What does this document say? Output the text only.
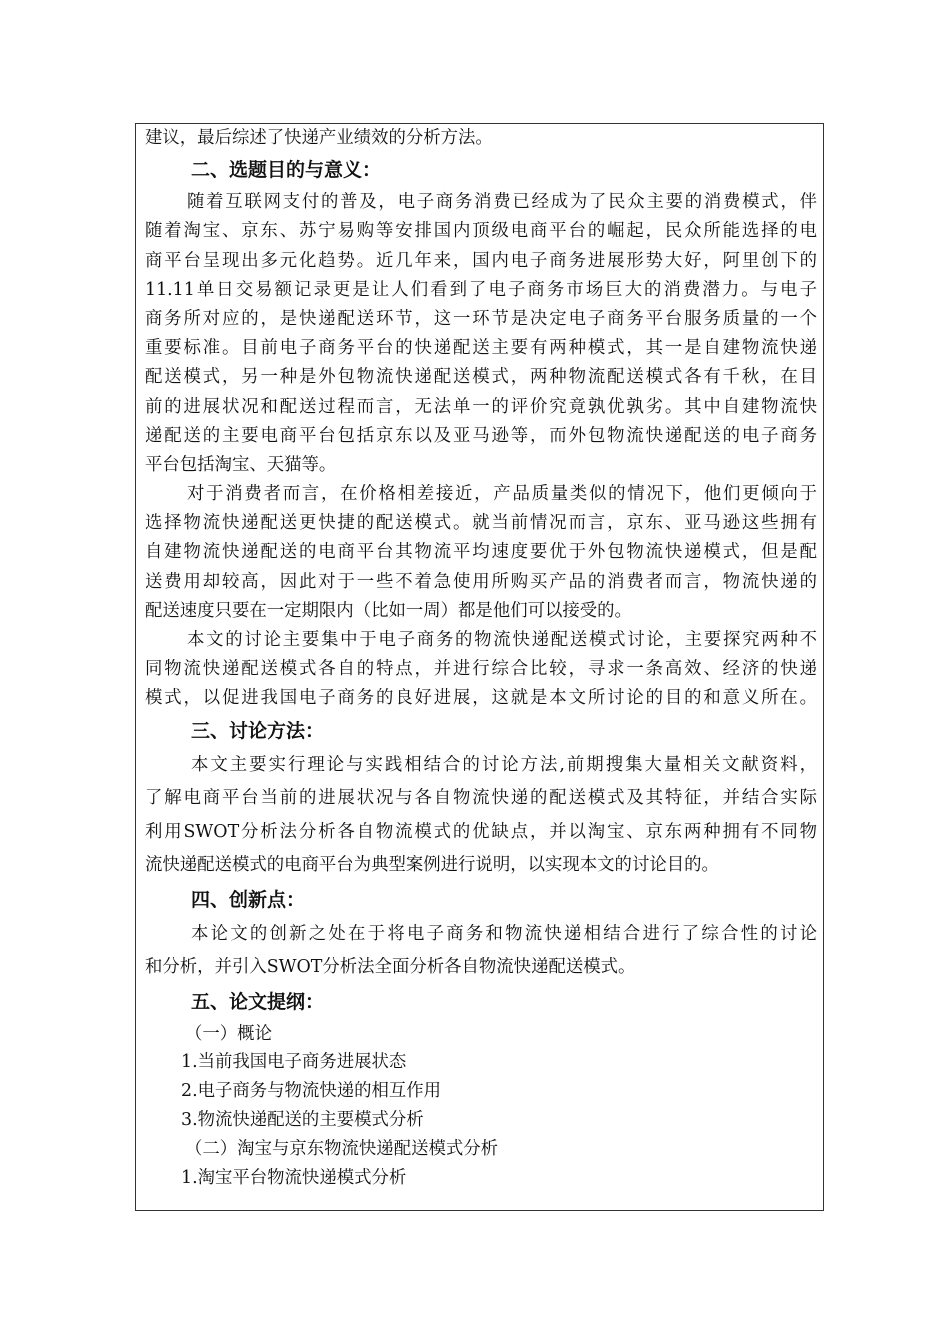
建议，最后综述了快递产业绩效的分析方法。
二、选题目的与意义：
随着互联网支付的普及，电子商务消费已经成为了民众主要的消费模式，伴
随着淘宝、京东、苏宁易购等安排国内顶级电商平台的崛起，民众所能选择的电
商平台呈现出多元化趋势。近几年来，国内电子商务进展形势大好，阿里创下的
11.11单日交易额记录更是让人们看到了电子商务市场巨大的消费潜力。与电子
商务所对应的，是快递配送环节，这一环节是决定电子商务平台服务质量的一个
重要标准。目前电子商务平台的快递配送主要有两种模式，其一是自建物流快递
配送模式，另一种是外包物流快递配送模式，两种物流配送模式各有千秋，在目
前的进展状况和配送过程而言，无法单一的评价究竟孰优孰劣。其中自建物流快
递配送的主要电商平台包括京东以及亚马逊等，而外包物流快递配送的电子商务
平台包括淘宝、天猫等。
对于消费者而言，在价格相差接近，产品质量类似的情况下，他们更倾向于
选择物流快递配送更快捷的配送模式。就当前情况而言，京东、亚马逊这些拥有
自建物流快递配送的电商平台其物流平均速度要优于外包物流快递模式，但是配
送费用却较高，因此对于一些不着急使用所购买产品的消费者而言，物流快递的
配送速度只要在一定期限内（比如一周）都是他们可以接受的。
本文的讨论主要集中于电子商务的物流快递配送模式讨论，主要探究两种不
同物流快递配送模式各自的特点，并进行综合比较，寻求一条高效、经济的快递
模式，以促进我国电子商务的良好进展，这就是本文所讨论的目的和意义所在。
三、讨论方法：
本文主要实行理论与实践相结合的讨论方法,前期搜集大量相关文献资料，
了解电商平台当前的进展状况与各自物流快递的配送模式及其特征，并结合实际
利用SWOT分析法分析各自物流模式的优缺点，并以淘宝、京东两种拥有不同物
流快递配送模式的电商平台为典型案例进行说明，以实现本文的讨论目的。
四、创新点：
本论文的创新之处在于将电子商务和物流快递相结合进行了综合性的讨论
和分析，并引入SWOT分析法全面分析各自物流快递配送模式。
五、论文提纲：
（一）概论
1.当前我国电子商务进展状态
2.电子商务与物流快递的相互作用
3.物流快递配送的主要模式分析
（二）淘宝与京东物流快递配送模式分析
1.淘宝平台物流快递模式分析
